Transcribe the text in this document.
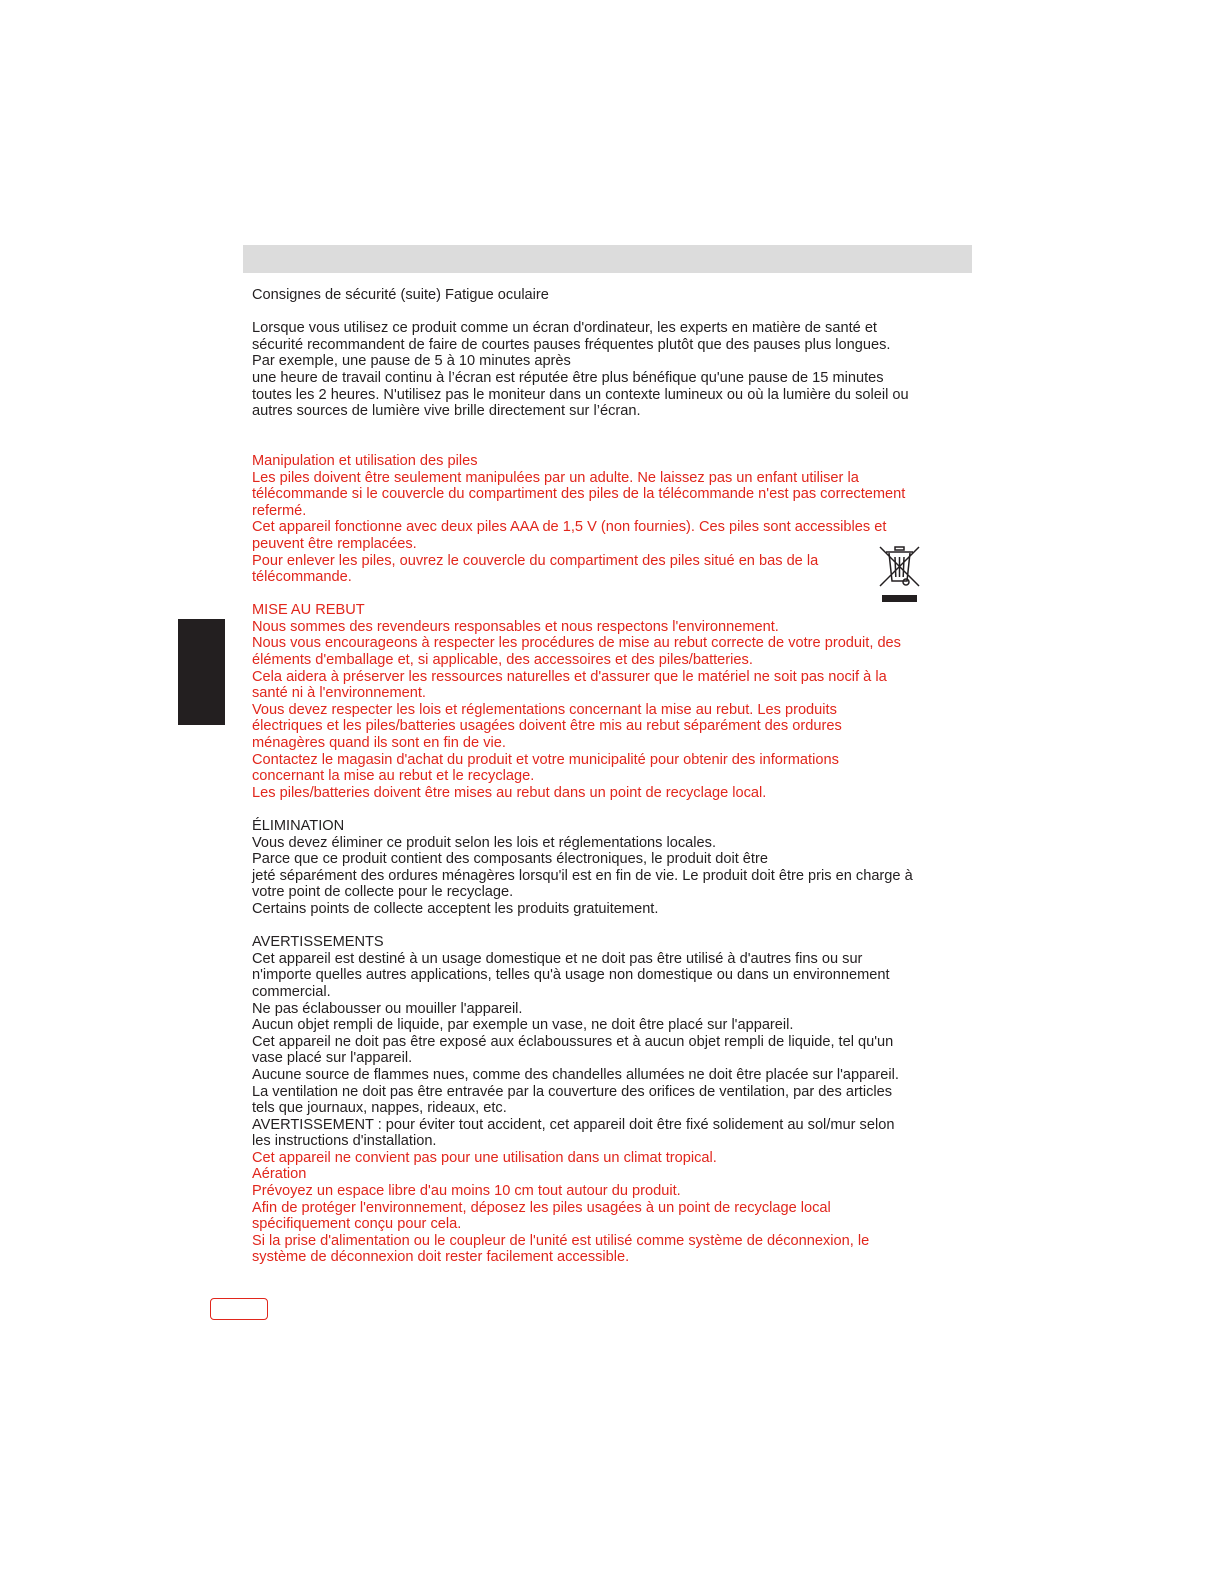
Consignes de sécurité (suite) Fatigue oculaire

Lorsque vous utilisez ce produit comme un écran d'ordinateur, les experts en matière de santé et

sécurité recommandent de faire de courtes pauses fréquentes plutôt que des pauses plus longues.

Par exemple, une pause de 5 à 10 minutes après

une heure de travail continu à l’écran est réputée être plus bénéfique qu'une pause de 15 minutes

toutes les 2 heures. N'utilisez pas le moniteur dans un contexte lumineux ou où la lumière du soleil ou

autres sources de lumière vive brille directement sur l’écran.

Manipulation et utilisation des piles

Les piles doivent être seulement manipulées par un adulte. Ne laissez pas un enfant utiliser la

télécommande si le couvercle du compartiment des piles de la télécommande n'est pas correctement

refermé.

Cet appareil fonctionne avec deux piles AAA de 1,5 V (non fournies). Ces piles sont accessibles et

peuvent être remplacées.

Pour enlever les piles, ouvrez le couvercle du compartiment des piles situé en bas de la

télécommande.

MISE AU REBUT

Nous sommes des revendeurs responsables et nous respectons l'environnement.

Nous vous encourageons à respecter les procédures de mise au rebut correcte de votre produit, des

éléments d'emballage et, si applicable, des accessoires et des piles/batteries.

Cela aidera à préserver les ressources naturelles et d'assurer que le matériel ne soit pas nocif à la

santé ni à l'environnement.

Vous devez respecter les lois et réglementations concernant la mise au rebut. Les produits

électriques et les piles/batteries usagées doivent être mis au rebut séparément des ordures

ménagères quand ils sont en fin de vie.

Contactez le magasin d'achat du produit et votre municipalité pour obtenir des informations

concernant la mise au rebut et le recyclage.

Les piles/batteries doivent être mises au rebut dans un point de recyclage local.

ÉLIMINATION

Vous devez éliminer ce produit selon les lois et réglementations locales.

Parce que ce produit contient des composants électroniques, le produit doit être

jeté séparément des ordures ménagères lorsqu'il est en fin de vie. Le produit doit être pris en charge à

votre point de collecte pour le recyclage.

Certains points de collecte acceptent les produits gratuitement.

AVERTISSEMENTS

Cet appareil est destiné à un usage domestique et ne doit pas être utilisé à d'autres fins ou sur

n'importe quelles autres applications, telles qu'à usage non domestique ou dans un environnement

commercial.

Ne pas éclabousser ou mouiller l'appareil.

Aucun objet rempli de liquide, par exemple un vase, ne doit être placé sur l'appareil.

Cet appareil ne doit pas être exposé aux éclaboussures et à aucun objet rempli de liquide, tel qu'un

vase placé sur l'appareil.

Aucune source de flammes nues, comme des chandelles allumées ne doit être placée sur l'appareil.

La ventilation ne doit pas être entravée par la couverture des orifices de ventilation, par des articles

tels que journaux, nappes, rideaux, etc.

AVERTISSEMENT : pour éviter tout accident, cet appareil doit être fixé solidement au sol/mur selon

les instructions d'installation.

Cet appareil ne convient pas pour une utilisation dans un climat tropical.

Aération

Prévoyez un espace libre d'au moins 10 cm tout autour du produit.

Afin de protéger l'environnement, déposez les piles usagées à un point de recyclage local

spécifiquement conçu pour cela.

Si la prise d'alimentation ou le coupleur de l'unité est utilisé comme système de déconnexion, le

système de déconnexion doit rester facilement accessible.
